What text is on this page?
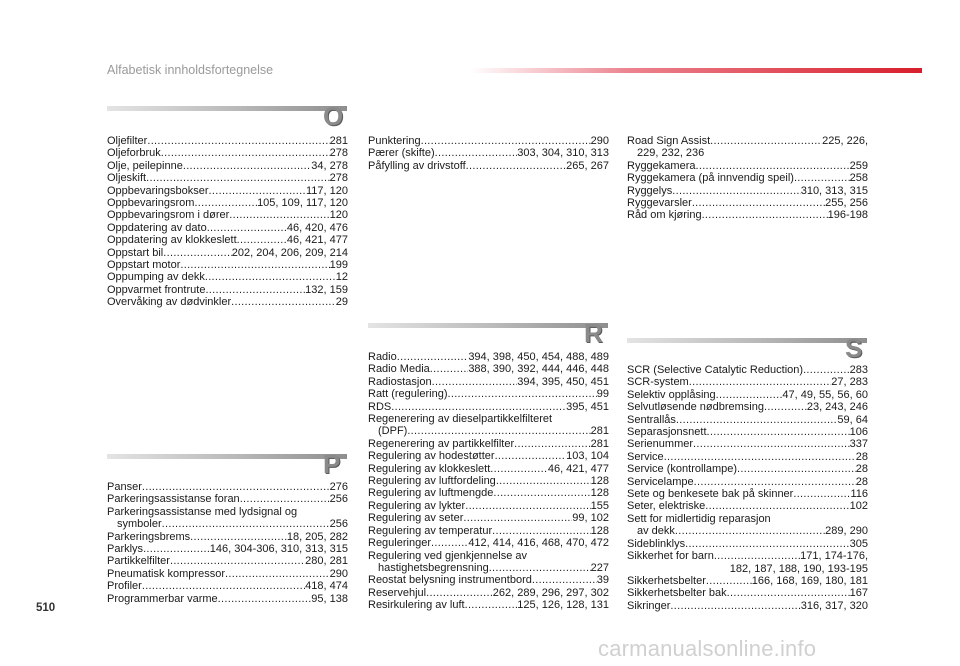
Alfabetisk innholdsfortegnelse
O
Oljefilter .....	281
Oljeforbruk .....	278
Olje, peilepinne .....	34, 278
Oljeskift .....	278
Oppbevaringsbokser .....	117, 120
Oppbevaringsrom .....	105, 109, 117, 120
Oppbevaringsrom i dører .....	120
Oppdatering av dato .....	46, 420, 476
Oppdatering av klokkeslett .....	46, 421, 477
Oppstart bil .....	202, 204, 206, 209, 214
Oppstart motor .....	199
Oppumping av dekk .....	12
Oppvarmet frontrute .....	132, 159
Overvåking av dødvinkler .....	29
P
Panser .....	276
Parkeringsassistanse foran .....	256
Parkeringsassistanse med lydsignal og
symboler .....	256
Parkeringsbrems .....	18, 205, 282
Parklys .....	146, 304-306, 310, 313, 315
Partikkelfilter .....	280, 281
Pneumatisk kompressor .....	290
Profiler .....	418, 474
Programmerbar varme .....	95, 138
Punktering .....	290
Pærer (skifte) .....	303, 304, 310, 313
Påfylling av drivstoff .....	265, 267
R
Radio .....	394, 398, 450, 454, 488, 489
Radio Media .....	388, 390, 392, 444, 446, 448
Radiostasjon .....	394, 395, 450, 451
Ratt (regulering) .....	99
RDS .....	395, 451
Regenerering av dieselpartikkelfilteret
(DPF) .....	281
Regenerering av partikkelfilter .....	281
Regulering av hodestøtter .....	103, 104
Regulering av klokkeslett .....	46, 421, 477
Regulering av luftfordeling .....	128
Regulering av luftmengde .....	128
Regulering av lykter .....	155
Regulering av seter .....	99, 102
Regulering av temperatur .....	128
Reguleringer .....	412, 414, 416, 468, 470, 472
Regulering ved gjenkjennelse av
hastighetsbegrensning .....	227
Reostat belysning instrumentbord .....	39
Reservehjul .....	262, 289, 296, 297, 302
Resirkulering av luft .....	125, 126, 128, 131
Road Sign Assist .....	225, 226,
229, 232, 236
Ryggekamera .....	259
Ryggekamera (på innvendig speil) .....	258
Ryggelys .....	310, 313, 315
Ryggevarsler .....	255, 256
Råd om kjøring .....	196-198
S
SCR (Selective Catalytic Reduction) .....	283
SCR-system .....	27, 283
Selektiv opplåsing .....	47, 49, 55, 56, 60
Selvutløsende nødbremsing .....	23, 243, 246
Sentrallås .....	59, 64
Separasjonsnett .....	106
Serienummer .....	337
Service .....	28
Service (kontrollampe) .....	28
Servicelampe .....	28
Sete og benkesete bak på skinner .....	116
Seter, elektriske .....	102
Sett for midlertidig reparasjon
av dekk .....	289, 290
Sideblinklys .....	305
Sikkerhet for barn .....	171, 174-176,
182, 187, 188, 190, 193-195
Sikkerhetsbelter .....	166, 168, 169, 180, 181
Sikkerhetsbelter bak .....	167
Sikringer .....	316, 317, 320
510
carmanualsonline.info
